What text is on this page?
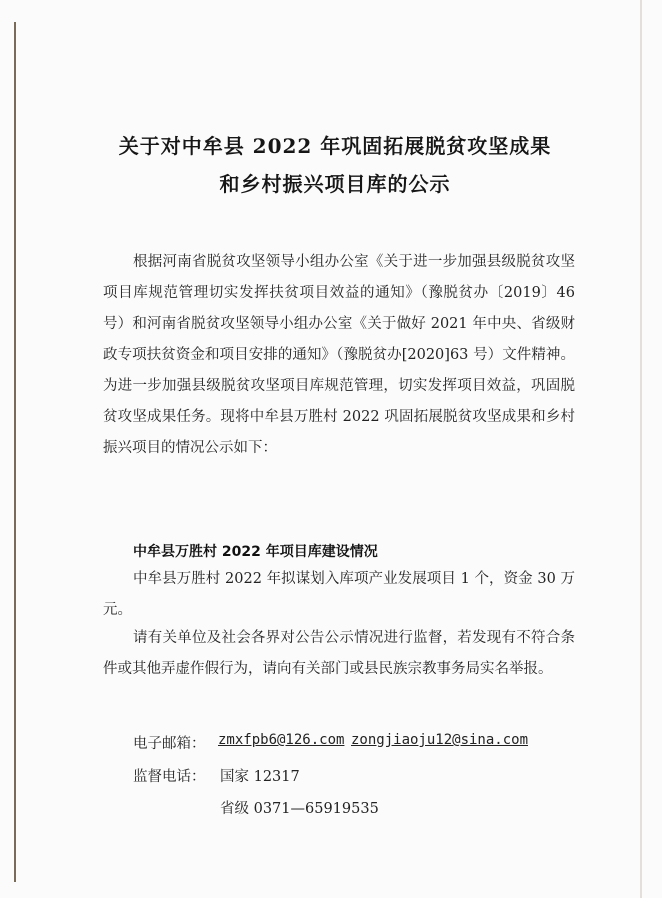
关于对中牟县 2022 年巩固拓展脱贫攻坚成果
和乡村振兴项目库的公示
根据河南省脱贫攻坚领导小组办公室《关于进一步加强县级脱贫攻坚项目库规范管理切实发挥扶贫项目效益的通知》（豫脱贫办〔2019〕46 号）和河南省脱贫攻坚领导小组办公室《关于做好 2021 年中央、省级财政专项扶贫资金和项目安排的通知》（豫脱贫办[2020]63 号）文件精神。为进一步加强县级脱贫攻坚项目库规范管理，切实发挥项目效益，巩固脱贫攻坚成果任务。现将中牟县万胜村 2022 巩固拓展脱贫攻坚成果和乡村振兴项目的情况公示如下：
中牟县万胜村 2022 年项目库建设情况
中牟县万胜村 2022 年拟谋划入库项产业发展项目 1 个，资金 30 万元。
请有关单位及社会各界对公告公示情况进行监督，若发现有不符合条件或其他弄虚作假行为，请向有关部门或县民族宗教事务局实名举报。
电子邮箱： zmxfpb6@126.com zongjiaoju12@sina.com
监督电话： 国家 12317
省级 0371—65919535
